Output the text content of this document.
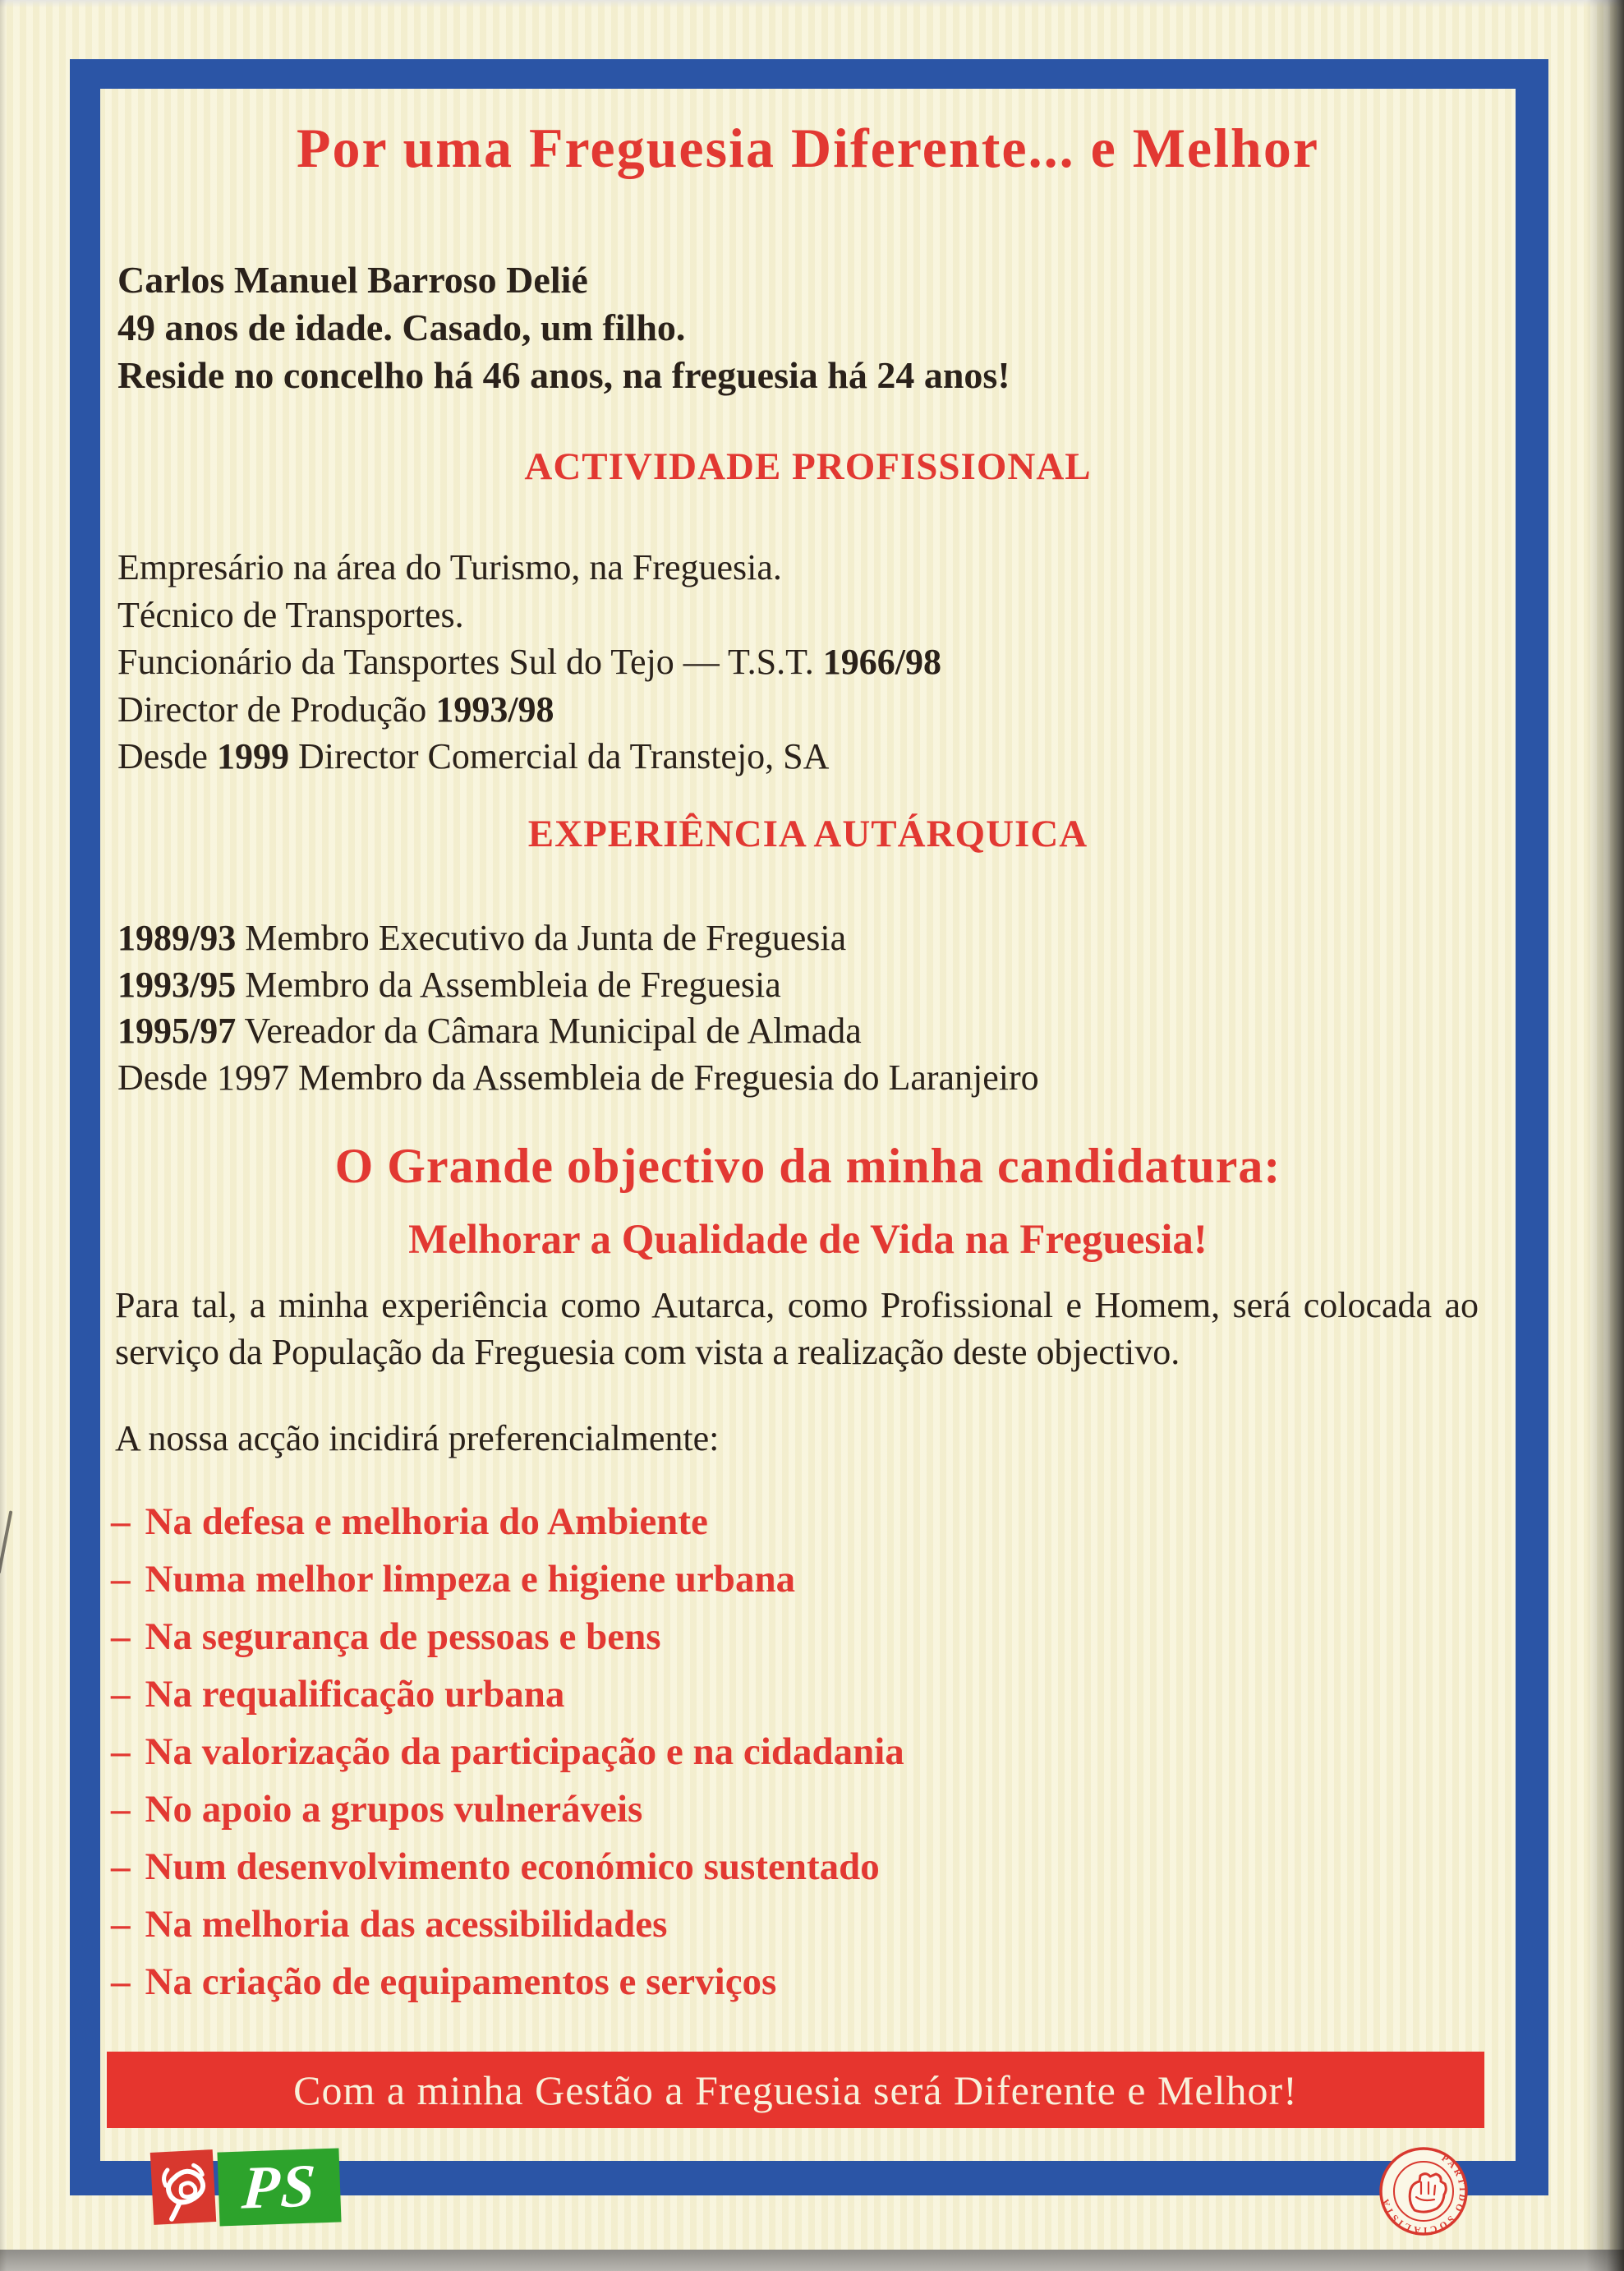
Por uma Freguesia Diferente... e Melhor
Carlos Manuel Barroso Delié
49 anos de idade. Casado, um filho.
Reside no concelho há 46 anos, na freguesia há 24 anos!
ACTIVIDADE PROFISSIONAL
Empresário na área do Turismo, na Freguesia.
Técnico de Transportes.
Funcionário da Tansportes Sul do Tejo — T.S.T. 1966/98
Director de Produção 1993/98
Desde 1999 Director Comercial da Transtejo, SA
EXPERIÊNCIA AUTÁRQUICA
1989/93 Membro Executivo da Junta de Freguesia
1993/95 Membro da Assembleia de Freguesia
1995/97 Vereador da Câmara Municipal de Almada
Desde 1997 Membro da Assembleia de Freguesia do Laranjeiro
O Grande objectivo da minha candidatura:
Melhorar a Qualidade de Vida na Freguesia!

Para tal, a minha experiência como Autarca, como Profissional e Homem, será colocada ao serviço da População da Freguesia com vista a realização deste objectivo.

A nossa acção incidirá preferencialmente:

– Na defesa e melhoria do Ambiente
– Numa melhor limpeza e higiene urbana
– Na segurança de pessoas e bens
– Na requalificação urbana
– Na valorização da participação e na cidadania
– No apoio a grupos vulneráveis
– Num desenvolvimento económico sustentado
– Na melhoria das acessibilidades
– Na criação de equipamentos e serviços
Com a minha Gestão a Freguesia será Diferente e Melhor!
PS	PARTIDO SOCIALISTA
